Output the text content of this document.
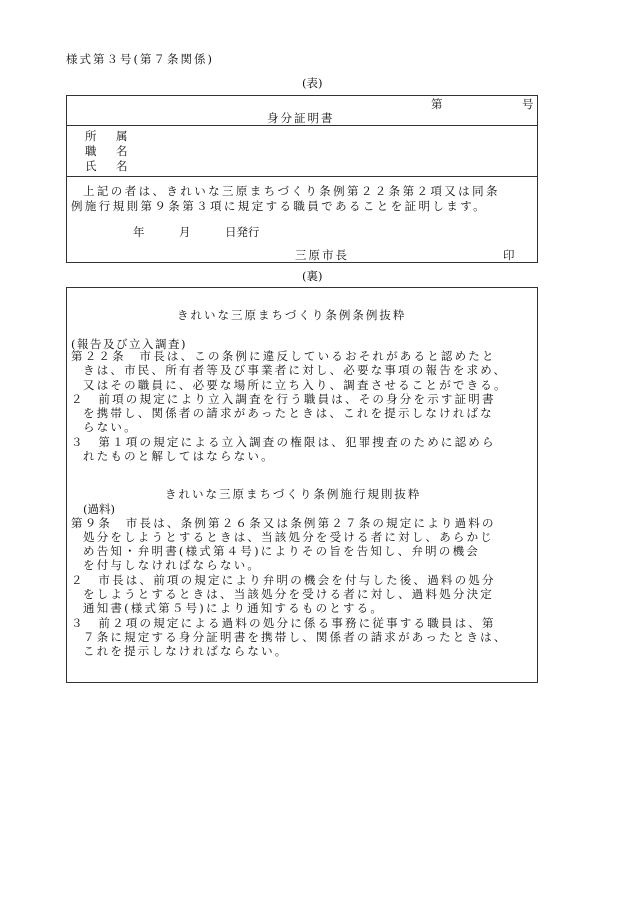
様式第３号(第７条関係)
(表)
第	号
身分証明書
所　属
職　名
氏　名
上記の者は、きれいな三原まちづくり条例第２２条第２項又は同条
例施行規則第９条第３項に規定する職員であることを証明します。
年　　　月　　　日発行
三原市長	印
(裏)
きれいな三原まちづくり条例条例抜粋
(報告及び立入調査)
第２２条　市長は、この条例に違反しているおそれがあると認めたと
きは、市民、所有者等及び事業者に対し、必要な事項の報告を求め、
又はその職員に、必要な場所に立ち入り、調査させることができる。
２　前項の規定により立入調査を行う職員は、その身分を示す証明書
を携帯し、関係者の請求があったときは、これを提示しなければな
らない。
３　第１項の規定による立入調査の権限は、犯罪捜査のために認めら
れたものと解してはならない。
きれいな三原まちづくり条例施行規則抜粋
(過料)
第９条　市長は、条例第２６条又は条例第２７条の規定により過料の
処分をしようとするときは、当該処分を受ける者に対し、あらかじ
め告知・弁明書(様式第４号)によりその旨を告知し、弁明の機会
を付与しなければならない。
２　市長は、前項の規定により弁明の機会を付与した後、過料の処分
をしようとするときは、当該処分を受ける者に対し、過料処分決定
通知書(様式第５号)により通知するものとする。
３　前２項の規定による過料の処分に係る事務に従事する職員は、第
７条に規定する身分証明書を携帯し、関係者の請求があったときは、
これを提示しなければならない。
